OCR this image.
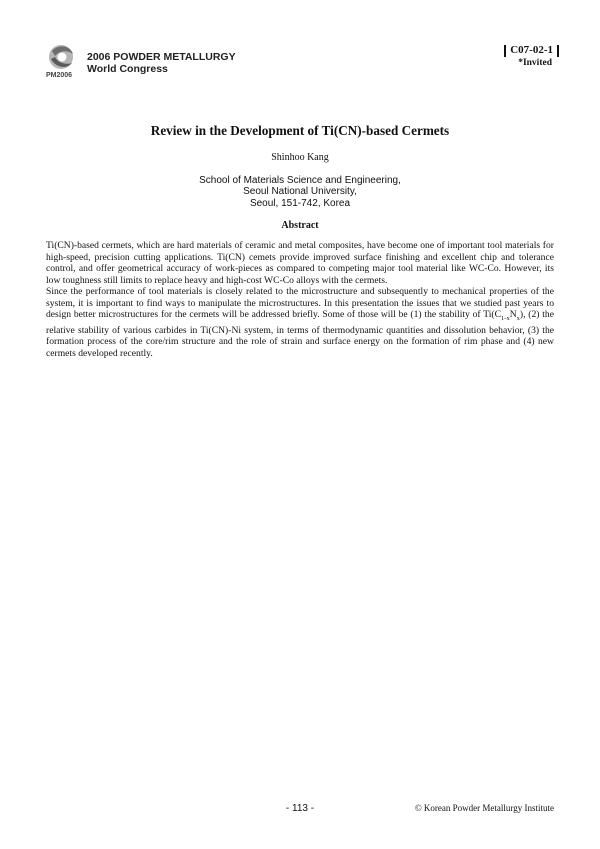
PM2006
2006 POWDER METALLURGY
World Congress
C07-02-1
*Invited
Review in the Development of Ti(CN)-based Cermets
Shinhoo Kang
School of Materials Science and Engineering,
Seoul National University,
Seoul, 151-742, Korea
Abstract

Ti(CN)-based cermets, which are hard materials of ceramic and metal composites, have become one of important tool materials for high-speed, precision cutting applications. Ti(CN) cemets provide improved surface finishing and excellent chip and tolerance control, and offer geometrical accuracy of work-pieces as compared to competing major tool material like WC-Co. However, its low toughness still limits to replace heavy and high-cost WC-Co alloys with the cermets.

Since the performance of tool materials is closely related to the microstructure and subsequently to mechanical properties of the system, it is important to find ways to manipulate the microstructures. In this presentation the issues that we studied past years to design better microstructures for the cermets will be addressed briefly. Some of those will be (1) the stability of $Ti(C_{1-x}N_x)$, (2) the relative stability of various carbides in Ti(CN)-Ni system, in terms of thermodynamic quantities and dissolution behavior, (3) the formation process of the core/rim structure and the role of strain and surface energy on the formation of rim phase and (4) new cermets developed recently.

- 113 -	© Korean Powder Metallurgy Institute
